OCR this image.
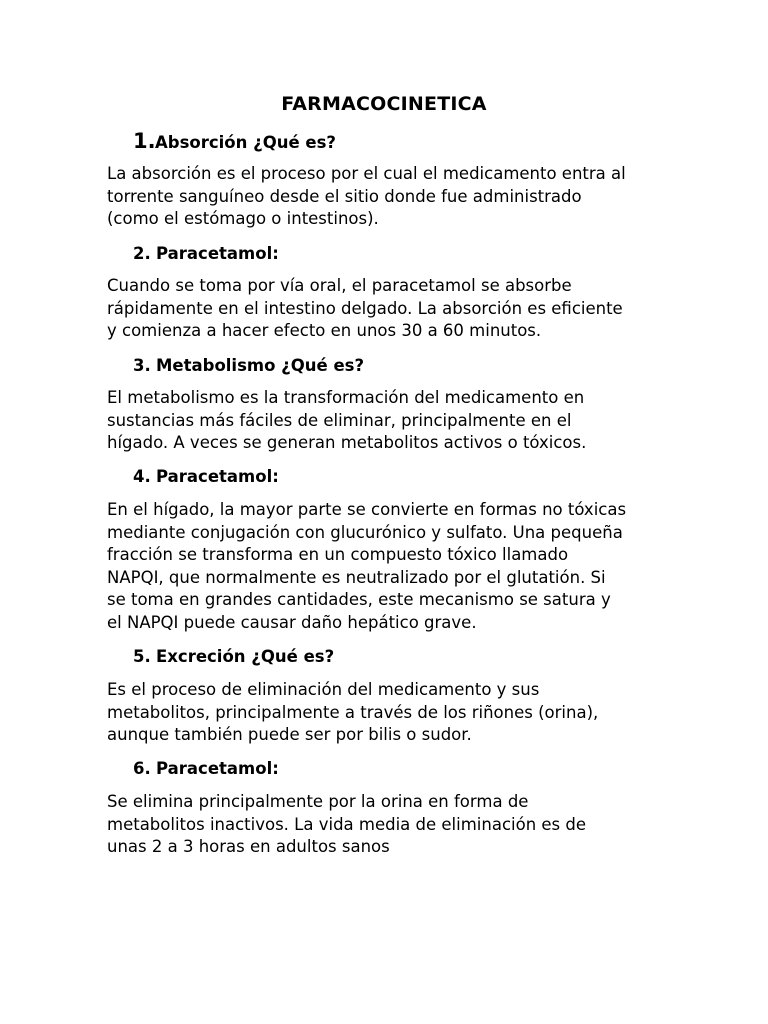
FARMACOCINETICA
1.Absorción ¿Qué es?
La absorción es el proceso por el cual el medicamento entra al
torrente sanguíneo desde el sitio donde fue administrado
(como el estómago o intestinos).
2. Paracetamol:
Cuando se toma por vía oral, el paracetamol se absorbe
rápidamente en el intestino delgado. La absorción es eficiente
y comienza a hacer efecto en unos 30 a 60 minutos.
3. Metabolismo ¿Qué es?
El metabolismo es la transformación del medicamento en
sustancias más fáciles de eliminar, principalmente en el
hígado. A veces se generan metabolitos activos o tóxicos.
4. Paracetamol:
En el hígado, la mayor parte se convierte en formas no tóxicas
mediante conjugación con glucurónico y sulfato. Una pequeña
fracción se transforma en un compuesto tóxico llamado
NAPQI, que normalmente es neutralizado por el glutatión. Si
se toma en grandes cantidades, este mecanismo se satura y
el NAPQI puede causar daño hepático grave.
5. Excreción ¿Qué es?
Es el proceso de eliminación del medicamento y sus
metabolitos, principalmente a través de los riñones (orina),
aunque también puede ser por bilis o sudor.
6. Paracetamol:
Se elimina principalmente por la orina en forma de
metabolitos inactivos. La vida media de eliminación es de
unas 2 a 3 horas en adultos sanos
